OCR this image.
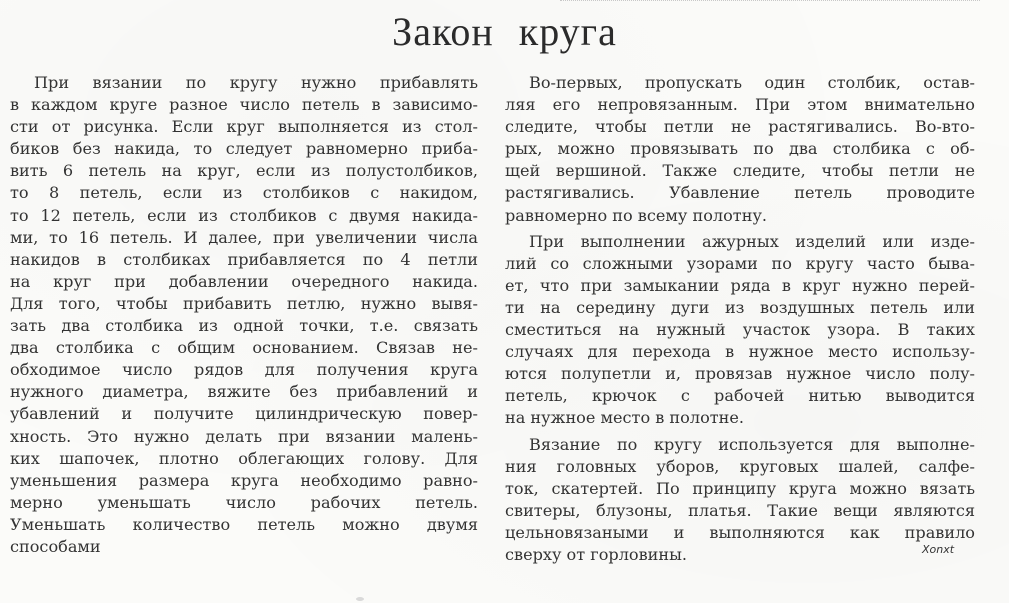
Закон круга
При вязании по кругу нужно прибавлять
в каждом круге разное число петель в зависимо-
сти от рисунка. Если круг выполняется из стол-
биков без накида, то следует равномерно приба-
вить 6 петель на круг, если из полустолбиков,
то 8 петель, если из столбиков с накидом,
то 12 петель, если из столбиков с двумя накида-
ми, то 16 петель. И далее, при увеличении числа
накидов в столбиках прибавляется по 4 петли
на круг при добавлении очередного накида.
Для того, чтобы прибавить петлю, нужно вывя-
зать два столбика из одной точки, т.е. связать
два столбика с общим основанием. Связав не-
обходимое число рядов для получения круга
нужного диаметра, вяжите без прибавлений и
убавлений и получите цилиндрическую повер-
хность. Это нужно делать при вязании малень-
ких шапочек, плотно облегающих голову. Для
уменьшения размера круга необходимо равно-
мерно уменьшать число рабочих петель.
Уменьшать количество петель можно двумя
способами
Во-первых, пропускать один столбик, остав-
ляя его непровязанным. При этом внимательно
следите, чтобы петли не растягивались. Во-вто-
рых, можно провязывать по два столбика с об-
щей вершиной. Также следите, чтобы петли не
растягивались. Убавление петель проводите
равномерно по всему полотну.
При выполнении ажурных изделий или изде-
лий со сложными узорами по кругу часто быва-
ет, что при замыкании ряда в круг нужно перей-
ти на середину дуги из воздушных петель или
сместиться на нужный участок узора. В таких
случаях для перехода в нужное место использу-
ются полупетли и, провязав нужное число полу-
петель, крючок с рабочей нитью выводится
на нужное место в полотне.
Вязание по кругу используется для выполне-
ния головных уборов, круговых шалей, салфе-
ток, скатертей. По принципу круга можно вязать
свитеры, блузоны, платья. Такие вещи являются
цельновязаными и выполняются как правило
сверху от горловины.	Xonxt
